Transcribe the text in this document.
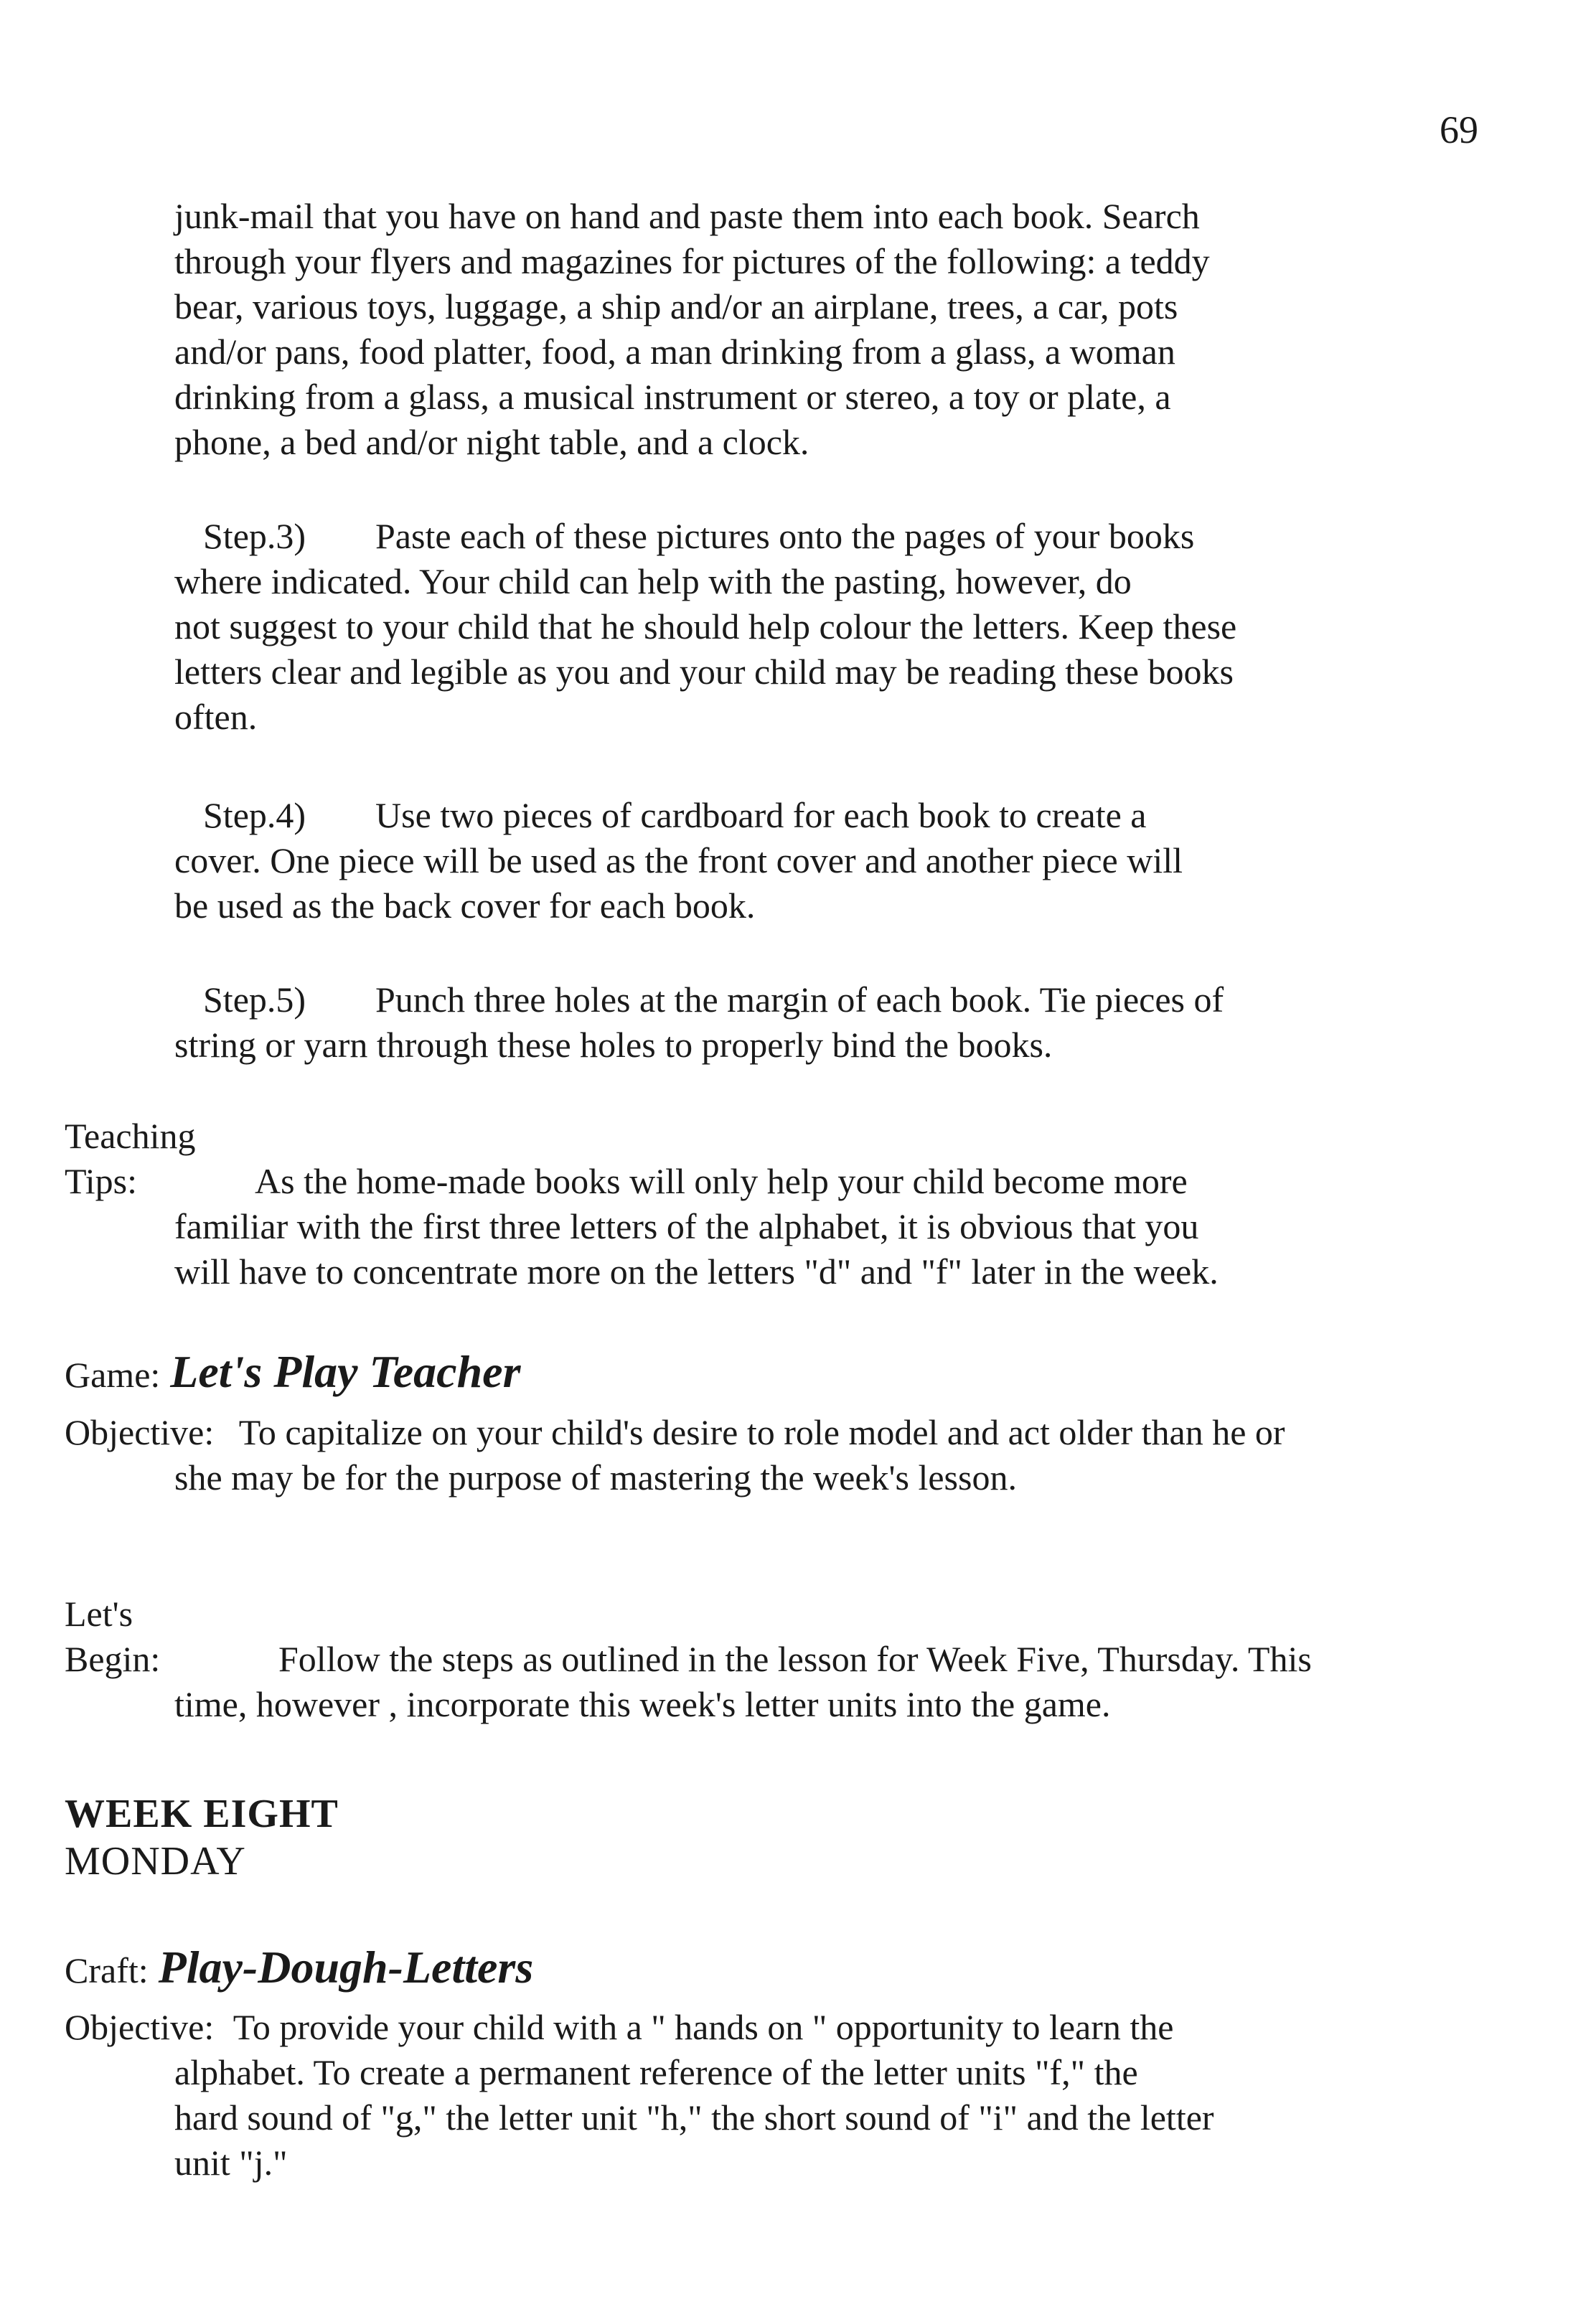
69
junk-mail that you have on hand and paste them into each book. Search
through your flyers and magazines for pictures of the following: a teddy
bear, various toys, luggage, a ship and/or an airplane, trees, a car, pots
and/or pans, food platter, food, a man drinking from a glass, a woman
drinking from a glass, a musical instrument or stereo, a toy or plate, a
phone, a bed and/or night table, and a clock.
Step.3) Paste each of these pictures onto the pages of your books
where indicated. Your child can help with the pasting, however, do
not suggest to your child that he should help colour the letters. Keep these
letters clear and legible as you and your child may be reading these books
often.
Step.4) Use two pieces of cardboard for each book to create a
cover. One piece will be used as the front cover and another piece will
be used as the back cover for each book.
Step.5) Punch three holes at the margin of each book. Tie pieces of
string or yarn through these holes to properly bind the books.
Teaching
Tips:	As the home-made books will only help your child become more
familiar with the first three letters of the alphabet, it is obvious that you
will have to concentrate more on the letters "d" and "f" later in the week.
Game: Let's Play Teacher
Objective: To capitalize on your child's desire to role model and act older than he or
she may be for the purpose of mastering the week's lesson.
Let's
Begin:	Follow the steps as outlined in the lesson for Week Five, Thursday. This
time, however , incorporate this week's letter units into the game.
WEEK EIGHT
MONDAY
Craft: Play-Dough-Letters
Objective: To provide your child with a " hands on " opportunity to learn the
alphabet. To create a permanent reference of the letter units "f," the
hard sound of "g," the letter unit "h," the short sound of "i" and the letter
unit "j."
